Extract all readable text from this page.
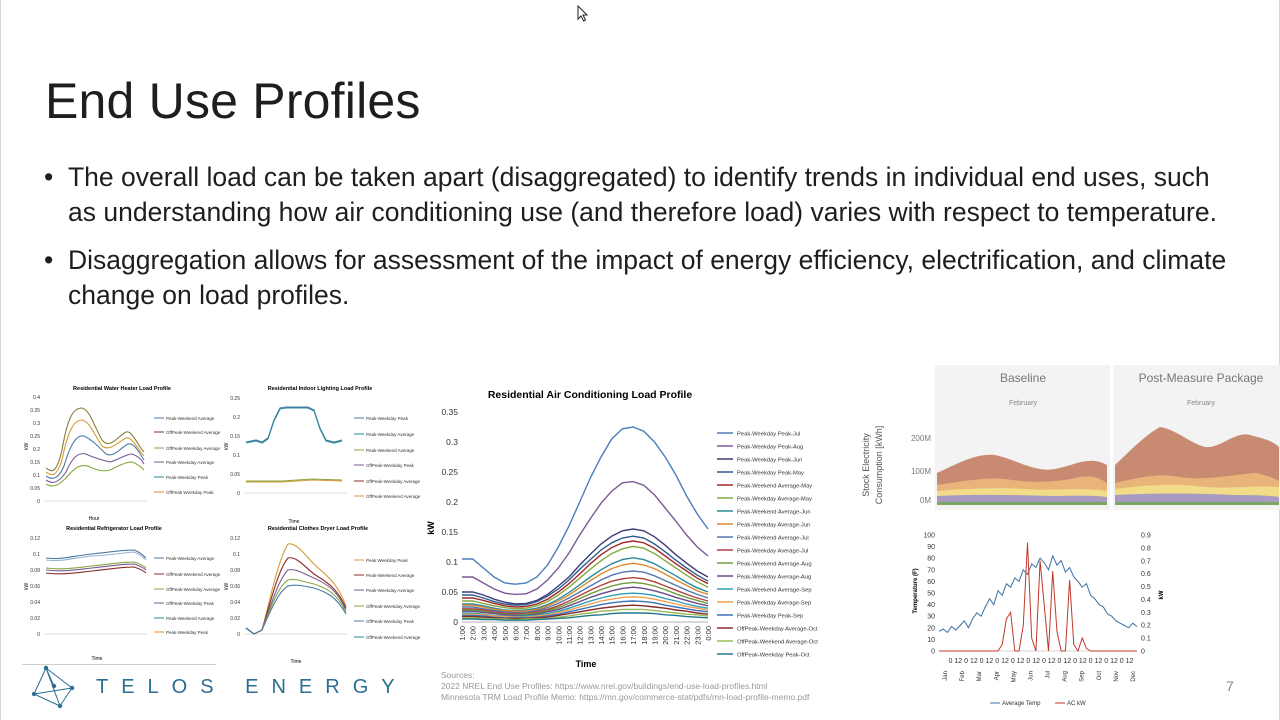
End Use Profiles
• The overall load can be taken apart (disaggregated) to identify trends in individual end uses, such as understanding how air conditioning use (and therefore load) varies with respect to temperature.
• Disaggregation allows for assessment of the impact of energy efficiency, electrification, and climate change on load profiles.
Residential Water Heater Load Profile
0.4
0.35
0.3
0.25
0.2
0.15
0.1
0.05
0
kW
Peak-Weekend Average
OffPeak-Weekend Average
OffPeak-Weekday Average
Peak-Weekday Average
Peak-Weekday Peak
OffPeak Weekday Peak
Hour
Residential Indoor Lighting Load Profile
0.25
0.2
0.15
0.1
0.05
0
kW
Peak-Weekday Peak
Peak-Weekday Average
Peak-Weekend Average
OffPeak-Weekday Peak
OffPeak-Weekday Average
OffPeak-Weekend Average
Time
Residential Refrigerator Load Profile
0.12
0.1
0.08
0.06
0.04
0.02
0
kW
Peak-Weekday Average
OffPeak-Weekend Average
OffPeak-Weekday Average
OffPeak-Weekday Peak
Peak-Weekend Average
Peak-Weekday Peak
Time
Residential Clothes Dryer Load Profile
0.12
0.1
0.08
0.06
0.04
0.02
0
kW
Peak Weekday Peak
Peak-Weekend Average
Peak-Weekday Average
OffPeak-Weekday Average
OffPeak-Weekday Peak
OffPeak-Weekend Average
Time
Residential Air Conditioning Load Profile
kW
Time
0
0.05
0.1
0.15
0.2
0.25
0.3
0.35
1:00 2:00 3:00 4:00 5:00 6:00 7:00 8:00 9:00 10:00 11:00 12:00 13:00 14:00 15:00 16:00 17:00 18:00 19:00 20:00 21:00 22:00 23:00 0:00
Peak-Weekday Peak-Jul
Peak-Weekday Peak-Aug
Peak-Weekday Peak-Jun
Peak-Weekday Peak-May
Peak-Weekend Average-May
Peak-Weekday Average-May
Peak-Weekend Average-Jun
Peak-Weekday Average-Jun
Peak-Weekend Average-Jul
Peak-Weekday Average-Jul
Peak-Weekend Average-Aug
Peak-Weekday Average-Aug
Peak-Weekend Average-Sep
Peak-Weekday Average-Sep
Peak-Weekday Peak-Sep
OffPeak-Weekday Average-Oct
OffPeak-Weekend Average-Oct
OffPeak-Weekday Peak-Oct
Baseline	Post-Measure Package
February	February
Stock Electricity Consumption [kWh]	200M
100M
0M
Temperature (F)	kW
0 12 0 12 0 12 0 12 0 12 0 12 0 12 0 12 0 12 0 12 0 12 0 12
0
10
20
30
40
50
60
70
80
90
100
0
0.1
0.2
0.3
0.4
0.5
0.6
0.7
0.8
0.9
Jan Feb Mar Apr May Jun Jul Aug Sep Oct Nov Dec
Average Temp	AC kW
TELOS ENERGY
Sources:
2022 NREL End Use Profiles: https://www.nrel.gov/buildings/end-use-load-profiles.html
Minnesota TRM Load Profile Memo: https://mn.gov/commerce-stat/pdfs/mn-load-profile-memo.pdf
7
